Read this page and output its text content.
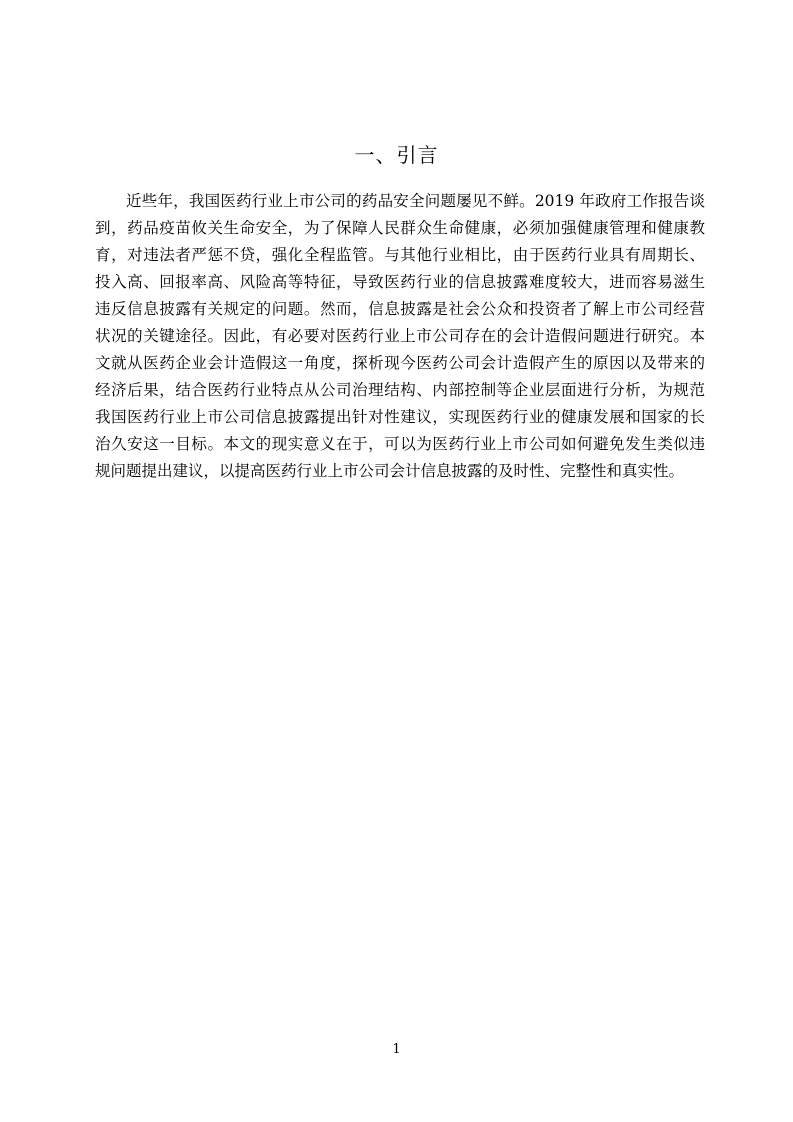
一、引言
近些年，我国医药行业上市公司的药品安全问题屡见不鲜。2019 年政府工作报告谈
到，药品疫苗攸关生命安全，为了保障人民群众生命健康，必须加强健康管理和健康教
育，对违法者严惩不贷，强化全程监管。与其他行业相比，由于医药行业具有周期长、
投入高、回报率高、风险高等特征，导致医药行业的信息披露难度较大，进而容易滋生
违反信息披露有关规定的问题。然而，信息披露是社会公众和投资者了解上市公司经营
状况的关键途径。因此，有必要对医药行业上市公司存在的会计造假问题进行研究。本
文就从医药企业会计造假这一角度，探析现今医药公司会计造假产生的原因以及带来的
经济后果，结合医药行业特点从公司治理结构、内部控制等企业层面进行分析，为规范
我国医药行业上市公司信息披露提出针对性建议，实现医药行业的健康发展和国家的长
治久安这一目标。本文的现实意义在于，可以为医药行业上市公司如何避免发生类似违
规问题提出建议，以提高医药行业上市公司会计信息披露的及时性、完整性和真实性。
1
